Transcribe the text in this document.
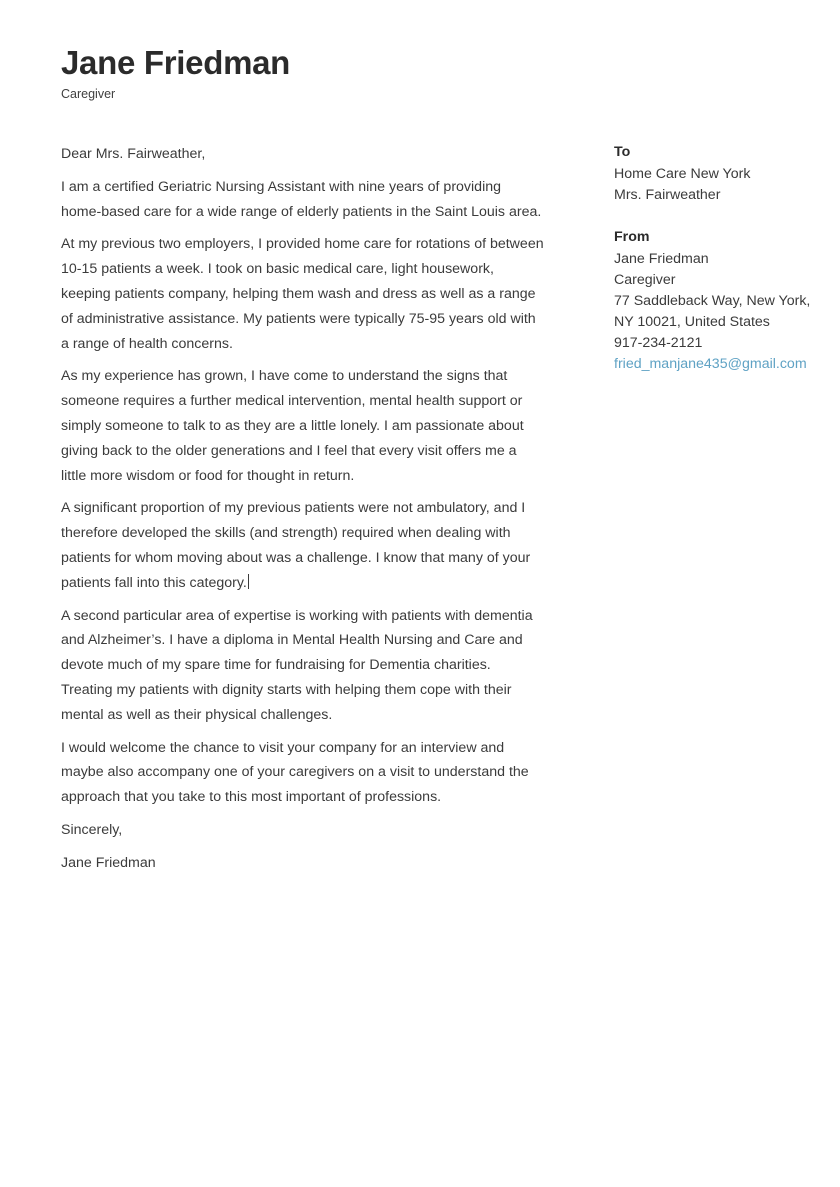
Jane Friedman

Caregiver

Dear Mrs. Fairweather,

I am a certified Geriatric Nursing Assistant with nine years of providing home-based care for a wide range of elderly patients in the Saint Louis area.

At my previous two employers, I provided home care for rotations of between 10-15 patients a week. I took on basic medical care, light housework, keeping patients company, helping them wash and dress as well as a range of administrative assistance. My patients were typically 75-95 years old with a range of health concerns.

As my experience has grown, I have come to understand the signs that someone requires a further medical intervention, mental health support or simply someone to talk to as they are a little lonely. I am passionate about giving back to the older generations and I feel that every visit offers me a little more wisdom or food for thought in return.

A significant proportion of my previous patients were not ambulatory, and I therefore developed the skills (and strength) required when dealing with patients for whom moving about was a challenge. I know that many of your patients fall into this category.

A second particular area of expertise is working with patients with dementia and Alzheimer’s. I have a diploma in Mental Health Nursing and Care and devote much of my spare time for fundraising for Dementia charities. Treating my patients with dignity starts with helping them cope with their mental as well as their physical challenges.

I would welcome the chance to visit your company for an interview and maybe also accompany one of your caregivers on a visit to understand the approach that you take to this most important of professions.

Sincerely,

Jane Friedman

To

Home Care New York

Mrs. Fairweather

From

Jane Friedman

Caregiver

77 Saddleback Way, New York, NY 10021, United States

917-234-2121

fried_manjane435@gmail.com
